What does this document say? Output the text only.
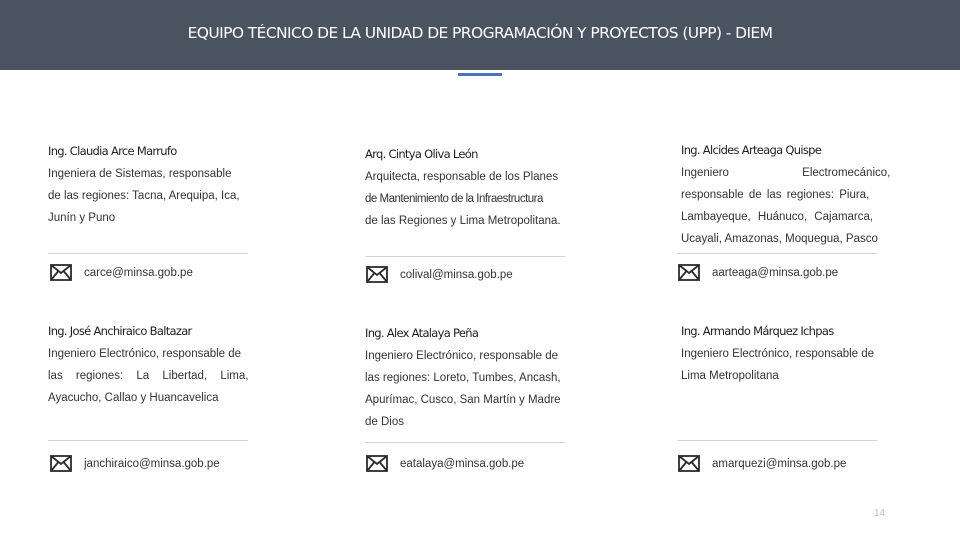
EQUIPO TÉCNICO DE LA UNIDAD DE PROGRAMACIÓN Y PROYECTOS (UPP) - DIEM
Ing. Claudia Arce Marrufo
Ingeniera de Sistemas, responsable
de las regiones: Tacna, Arequipa, Ica,
Junín y Puno
Arq. Cintya Oliva León
Arquitecta, responsable de los Planes
de Mantenimiento de la Infraestructura
de las Regiones y Lima Metropolitana.
Ing. Alcides Arteaga Quispe
Ingeniero Electromecánico,
responsable de las regiones: Piura,
Lambayeque, Huánuco, Cajamarca,
Ucayali, Amazonas, Moquegua, Pasco
carce@minsa.gob.pe	colival@minsa.gob.pe	aarteaga@minsa.gob.pe
Ing. José Anchiraico Baltazar
Ingeniero Electrónico, responsable de
las regiones: La Libertad, Lima,
Ayacucho, Callao y Huancavelica
Ing. Alex Atalaya Peña
Ingeniero Electrónico, responsable de
las regiones: Loreto, Tumbes, Ancash,
Apurímac, Cusco, San Martín y Madre
de Dios
Ing. Armando Márquez Ichpas
Ingeniero Electrónico, responsable de
Lima Metropolitana
janchiraico@minsa.gob.pe	eatalaya@minsa.gob.pe	amarquezi@minsa.gob.pe
14
